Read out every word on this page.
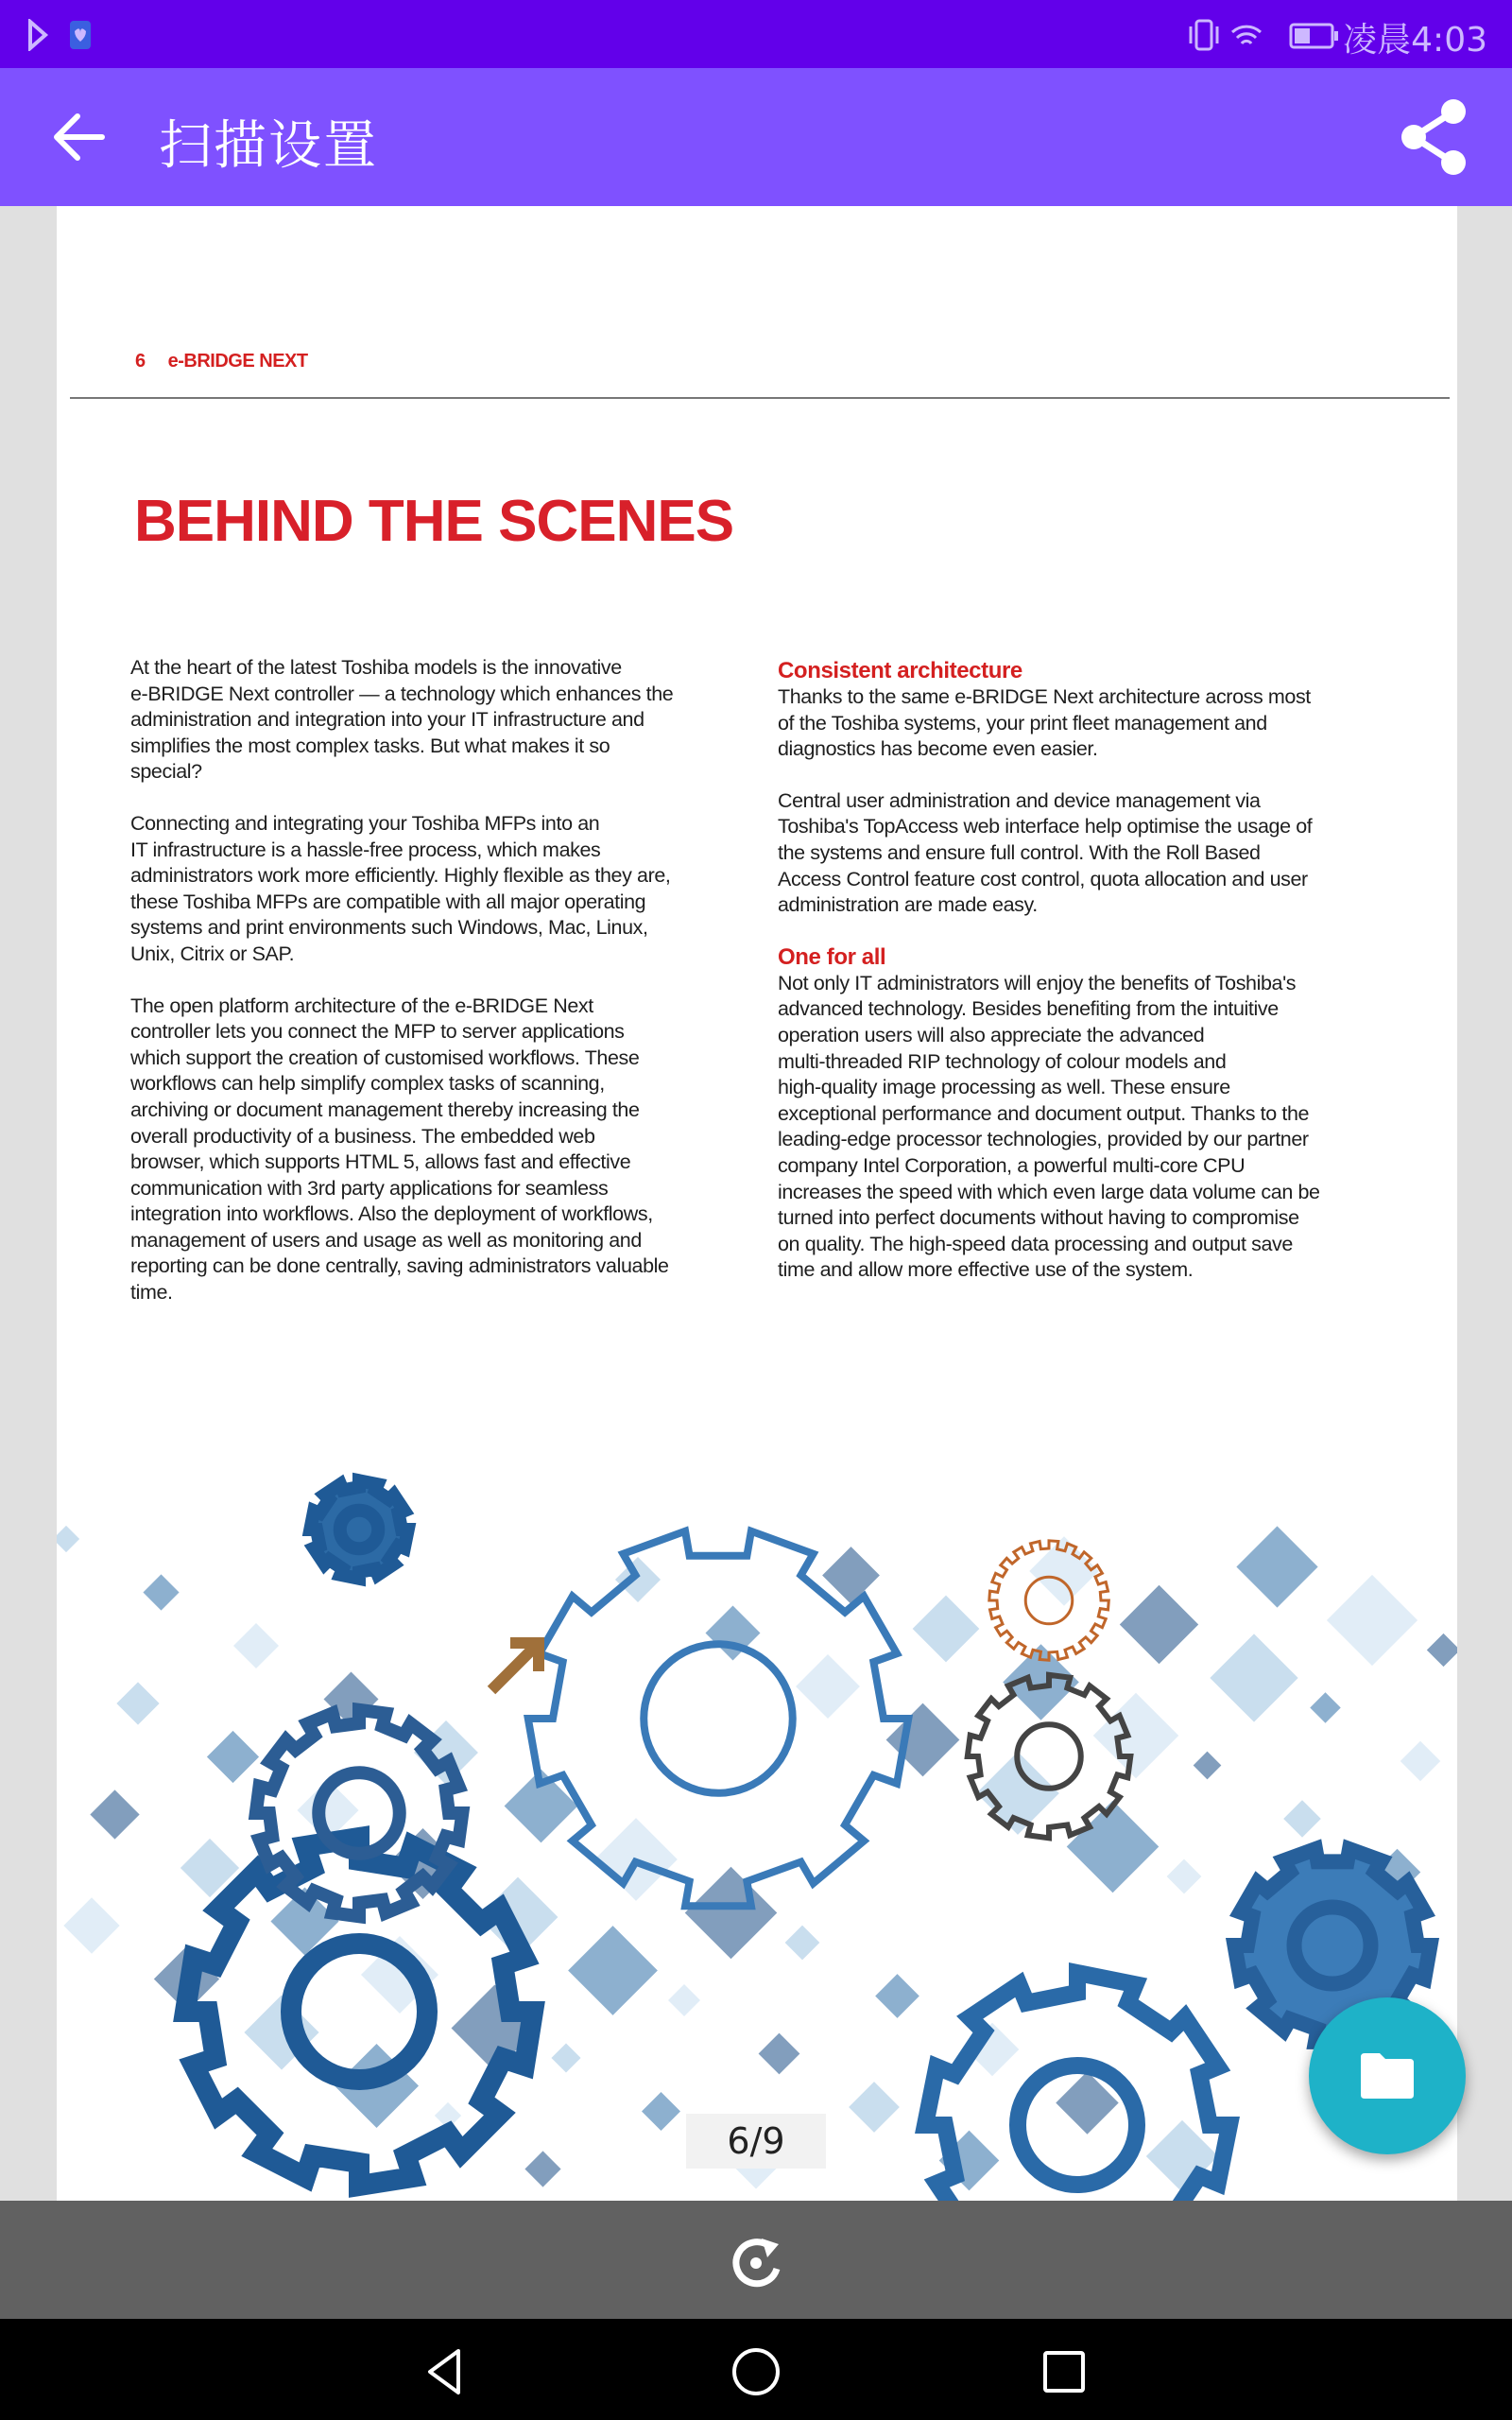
凌晨4:03
扫描设置
6 e-BRIDGE NEXT
BEHIND THE SCENES
At the heart of the latest Toshiba models is the innovative
e-BRIDGE Next controller — a technology which enhances the
administration and integration into your IT infrastructure and
simplifies the most complex tasks. But what makes it so
special?
Connecting and integrating your Toshiba MFPs into an
IT infrastructure is a hassle-free process, which makes
administrators work more efficiently. Highly flexible as they are,
these Toshiba MFPs are compatible with all major operating
systems and print environments such Windows, Mac, Linux,
Unix, Citrix or SAP.
The open platform architecture of the e-BRIDGE Next
controller lets you connect the MFP to server applications
which support the creation of customised workflows. These
workflows can help simplify complex tasks of scanning,
archiving or document management thereby increasing the
overall productivity of a business. The embedded web
browser, which supports HTML 5, allows fast and effective
communication with 3rd party applications for seamless
integration into workflows. Also the deployment of workflows,
management of users and usage as well as monitoring and
reporting can be done centrally, saving administrators valuable
time.
Consistent architecture
Thanks to the same e-BRIDGE Next architecture across most
of the Toshiba systems, your print fleet management and
diagnostics has become even easier.
Central user administration and device management via
Toshiba's TopAccess web interface help optimise the usage of
the systems and ensure full control. With the Roll Based
Access Control feature cost control, quota allocation and user
administration are made easy.
One for all
Not only IT administrators will enjoy the benefits of Toshiba's
advanced technology. Besides benefiting from the intuitive
operation users will also appreciate the advanced
multi-threaded RIP technology of colour models and
high-quality image processing as well. These ensure
exceptional performance and document output. Thanks to the
leading-edge processor technologies, provided by our partner
company Intel Corporation, a powerful multi-core CPU
increases the speed with which even large data volume can be
turned into perfect documents without having to compromise
on quality. The high-speed data processing and output save
time and allow more effective use of the system.
6/9
